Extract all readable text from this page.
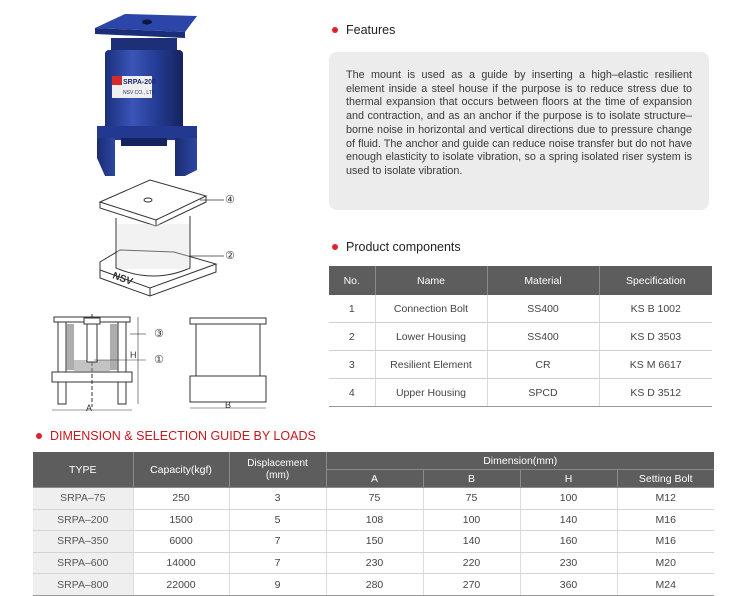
SRPA-200
NSV CO., LTD
NSV
④
②
H
A
③
①
B
Features
The mount is used as a guide by inserting a high–elastic resilient element inside a steel house if the purpose is to reduce stress due to thermal expansion that occurs between floors at the time of expansion and contraction, and as an anchor if the purpose is to isolate structure–borne noise in horizontal and vertical directions due to pressure change of fluid. The anchor and guide can reduce noise transfer but do not have enough elasticity to isolate vibration, so a spring isolated riser system is used to isolate vibration.
Product components
No.	Name	Material	Specification
1	Connection Bolt	SS400	KS B 1002
2	Lower Housing	SS400	KS D 3503
3	Resilient Element	CR	KS M 6617
4	Upper Housing	SPCD	KS D 3512
DIMENSION & SELECTION GUIDE BY LOADS
TYPE	Capacity(kgf)	Displacement (mm)	Dimension(mm)			
			A	B	H	Setting Bolt
SRPA–75	250	3	75	75	100	M12
SRPA–200	1500	5	108	100	140	M16
SRPA–350	6000	7	150	140	160	M16
SRPA–600	14000	7	230	220	230	M20
SRPA–800	22000	9	280	270	360	M24
